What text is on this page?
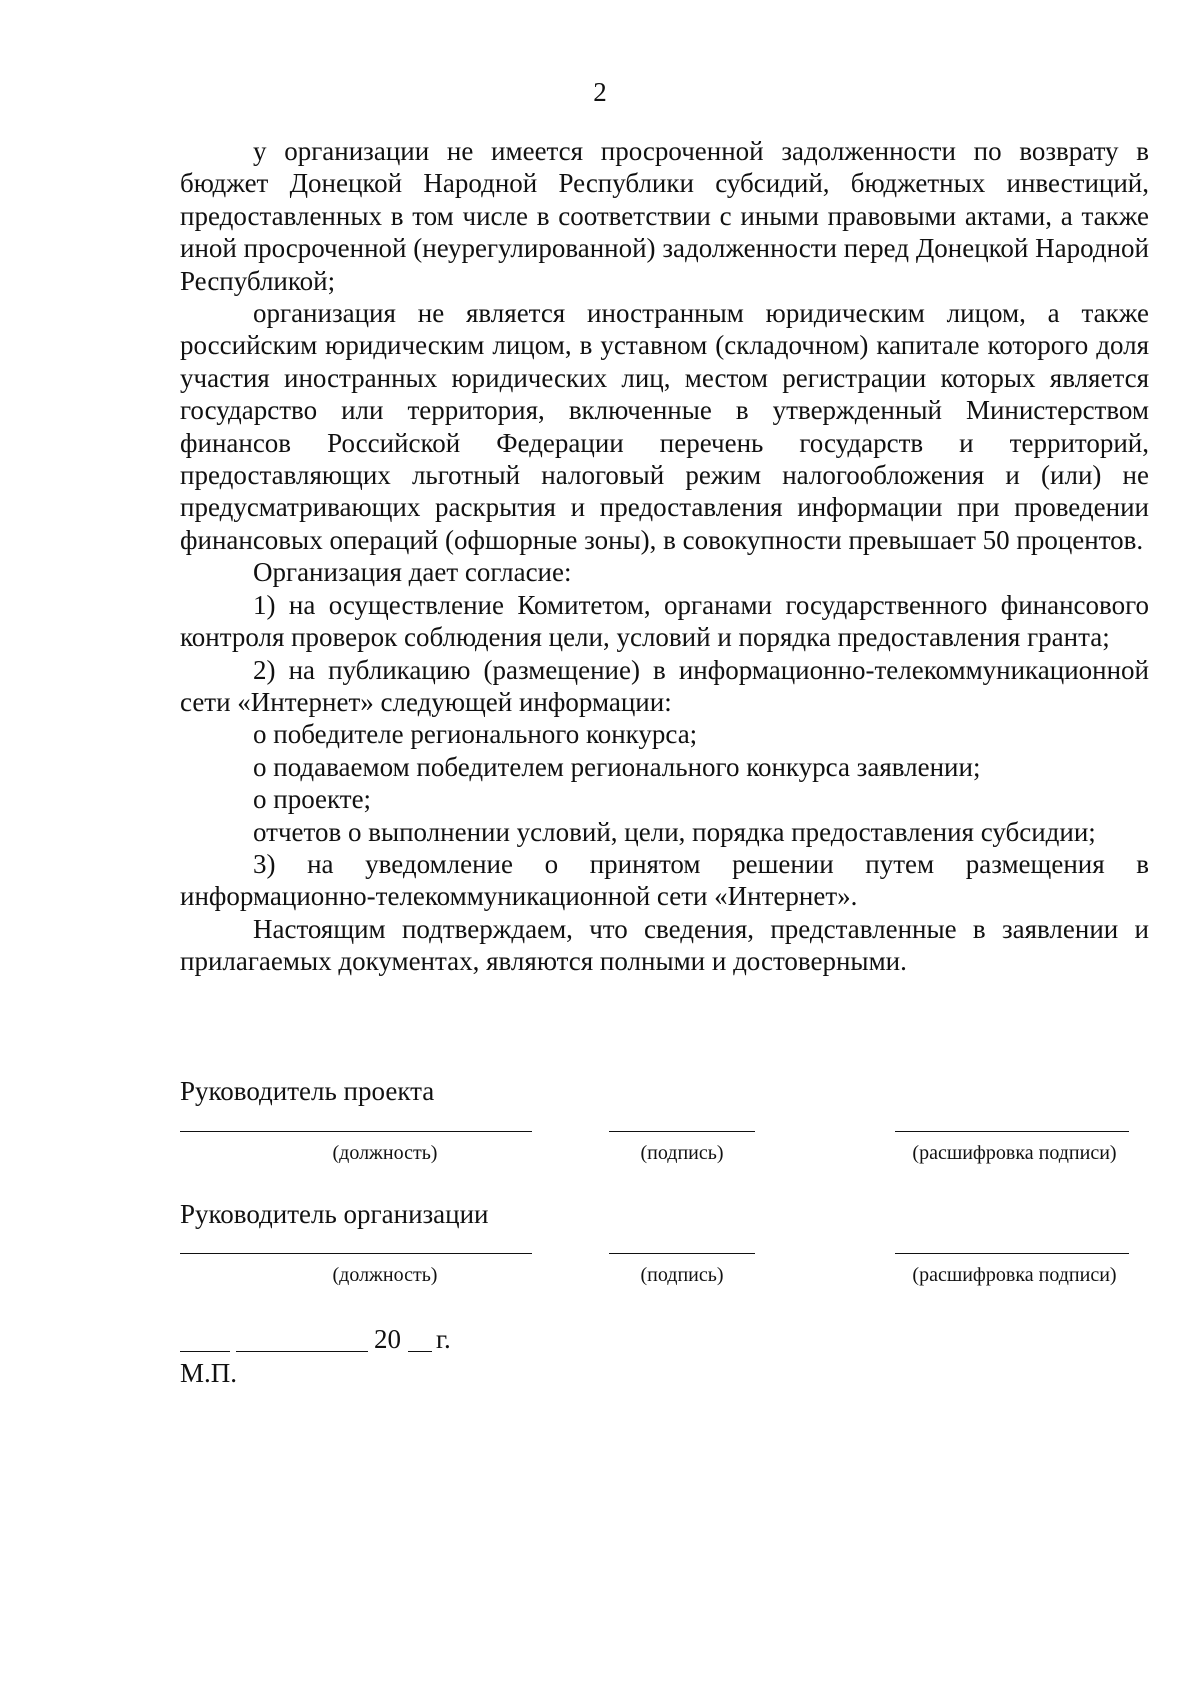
2

у организации не имеется просроченной задолженности по возврату в бюджет Донецкой Народной Республики субсидий, бюджетных инвестиций, предоставленных в том числе в соответствии с иными правовыми актами, а также иной просроченной (неурегулированной) задолженности перед Донецкой Народной Республикой;

организация не является иностранным юридическим лицом, а также российским юридическим лицом, в уставном (складочном) капитале которого доля участия иностранных юридических лиц, местом регистрации которых является государство или территория, включенные в утвержденный Министерством финансов Российской Федерации перечень государств и территорий, предоставляющих льготный налоговый режим налогообложения и (или) не предусматривающих раскрытия и предоставления информации при проведении финансовых операций (офшорные зоны), в совокупности превышает 50 процентов.

Организация дает согласие:

1) на осуществление Комитетом, органами государственного финансового контроля проверок соблюдения цели, условий и порядка предоставления гранта;

2) на публикацию (размещение) в информационно-телекоммуникационной сети «Интернет» следующей информации:

о победителе регионального конкурса;

о подаваемом победителем регионального конкурса заявлении;

о проекте;

отчетов о выполнении условий, цели, порядка предоставления субсидии;

3) на уведомление о принятом решении путем размещения в информационно-телекоммуникационной сети «Интернет».

Настоящим подтверждаем, что сведения, представленные в заявлении и прилагаемых документах, являются полными и достоверными.

Руководитель проекта
(должность)	(подпись)	(расшифровка подписи)
Руководитель организации
(должность)	(подпись)	(расшифровка подписи)
20 г.
М.П.
